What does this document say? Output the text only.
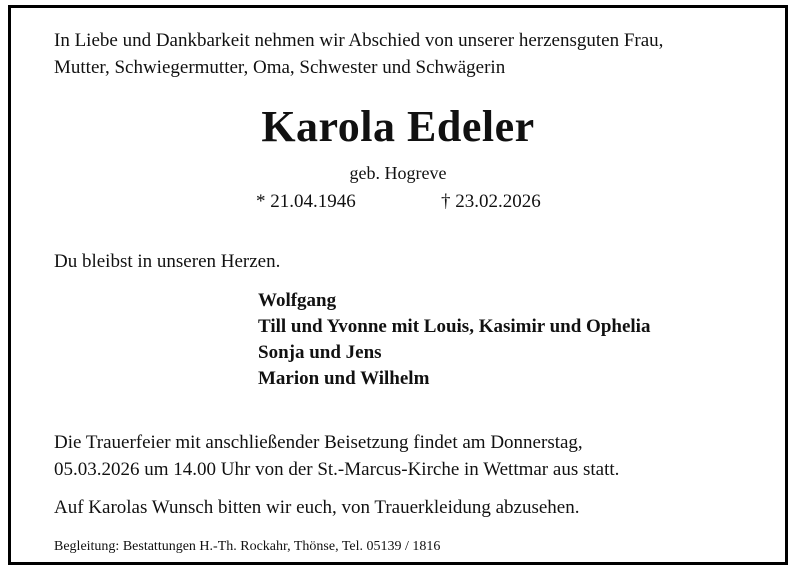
In Liebe und Dankbarkeit nehmen wir Abschied von unserer herzensguten Frau,

Mutter, Schwiegermutter, Oma, Schwester und Schwägerin

Karola Edeler

geb. Hogreve

* 21.04.1946	† 23.02.2026

Du bleibst in unseren Herzen.

Wolfgang

Till und Yvonne mit Louis, Kasimir und Ophelia

Sonja und Jens

Marion und Wilhelm

Die Trauerfeier mit anschließender Beisetzung findet am Donnerstag,

05.03.2026 um 14.00 Uhr von der St.-Marcus-Kirche in Wettmar aus statt.

Auf Karolas Wunsch bitten wir euch, von Trauerkleidung abzusehen.

Begleitung: Bestattungen H.-Th. Rockahr, Thönse, Tel. 05139 / 1816
